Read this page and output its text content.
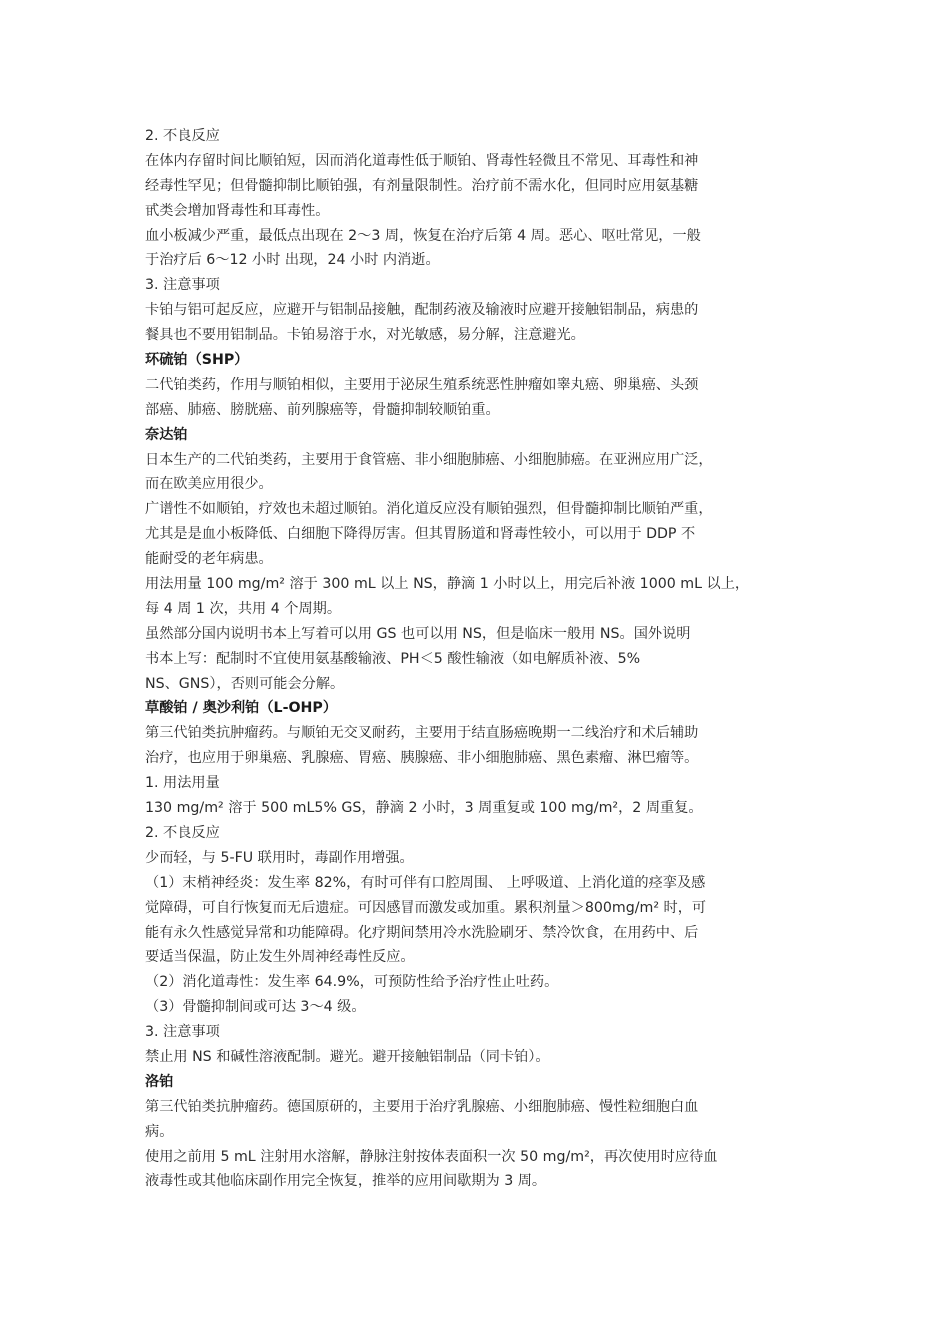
2. 不良反应
在体内存留时间比顺铂短，因而消化道毒性低于顺铂、肾毒性轻微且不常见、耳毒性和神
经毒性罕见；但骨髓抑制比顺铂强，有剂量限制性。治疗前不需水化，但同时应用氨基糖
甙类会增加肾毒性和耳毒性。
血小板减少严重，最低点出现在 2～3 周，恢复在治疗后第 4 周。恶心、呕吐常见，一般
于治疗后 6～12 小时 出现，24 小时 内消逝。
3. 注意事项
卡铂与铝可起反应，应避开与铝制品接触，配制药液及输液时应避开接触铝制品，病患的
餐具也不要用铝制品。卡铂易溶于水，对光敏感，易分解，注意避光。
环硫铂（SHP）
二代铂类药，作用与顺铂相似，主要用于泌尿生殖系统恶性肿瘤如睾丸癌、卵巢癌、头颈
部癌、肺癌、膀胱癌、前列腺癌等，骨髓抑制较顺铂重。
奈达铂
日本生产的二代铂类药，主要用于食管癌、非小细胞肺癌、小细胞肺癌。在亚洲应用广泛，
而在欧美应用很少。
广谱性不如顺铂，疗效也未超过顺铂。消化道反应没有顺铂强烈，但骨髓抑制比顺铂严重，
尤其是是血小板降低、白细胞下降得厉害。但其胃肠道和肾毒性较小，可以用于 DDP 不
能耐受的老年病患。
用法用量 100 mg/m² 溶于 300 mL 以上 NS，静滴 1 小时以上，用完后补液 1000 mL 以上，
每 4 周 1 次，共用 4 个周期。
虽然部分国内说明书本上写着可以用 GS 也可以用 NS，但是临床一般用 NS。国外说明
书本上写：配制时不宜使用氨基酸输液、PH＜5 酸性输液（如电解质补液、5%
NS、GNS），否则可能会分解。
草酸铂 / 奥沙利铂（L-OHP）
第三代铂类抗肿瘤药。与顺铂无交叉耐药，主要用于结直肠癌晚期一二线治疗和术后辅助
治疗，也应用于卵巢癌、乳腺癌、胃癌、胰腺癌、非小细胞肺癌、黑色素瘤、淋巴瘤等。
1. 用法用量
130 mg/m² 溶于 500 mL5% GS，静滴 2 小时，3 周重复或 100 mg/m²，2 周重复。
2. 不良反应
少而轻，与 5-FU 联用时，毒副作用增强。
（1）末梢神经炎：发生率 82%，有时可伴有口腔周围、 上呼吸道、上消化道的痉挛及感
觉障碍，可自行恢复而无后遗症。可因感冒而激发或加重。累积剂量＞800mg/m² 时，可
能有永久性感觉异常和功能障碍。化疗期间禁用冷水洗脸刷牙、禁冷饮食，在用药中、后
要适当保温，防止发生外周神经毒性反应。
（2）消化道毒性：发生率 64.9%，可预防性给予治疗性止吐药。
（3）骨髓抑制间或可达 3～4 级。
3. 注意事项
禁止用 NS 和碱性溶液配制。避光。避开接触铝制品（同卡铂）。
洛铂
第三代铂类抗肿瘤药。德国原研的，主要用于治疗乳腺癌、小细胞肺癌、慢性粒细胞白血
病。
使用之前用 5 mL 注射用水溶解，静脉注射按体表面积一次 50 mg/m²，再次使用时应待血
液毒性或其他临床副作用完全恢复，推举的应用间歇期为 3 周。
